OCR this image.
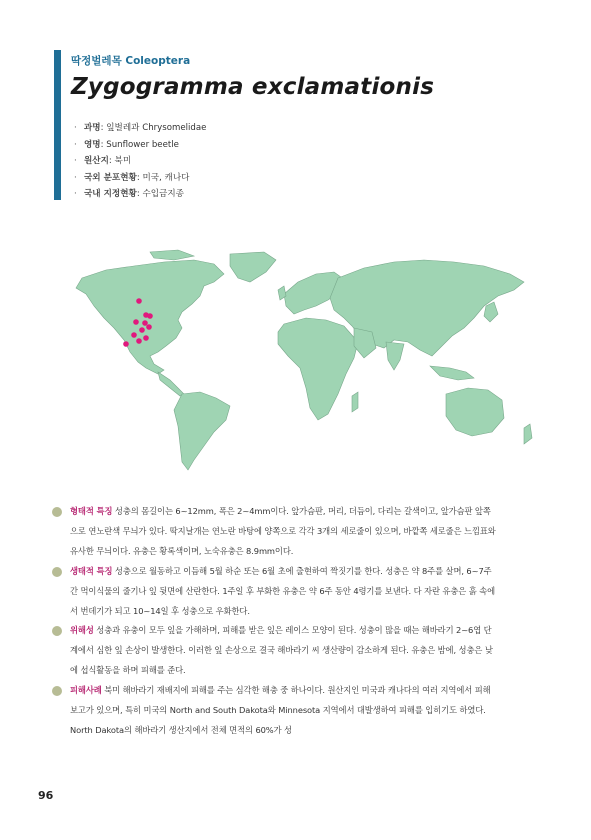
딱정벌레목 Coleoptera
Zygogramma exclamationis
· 과명: 잎벌레과 Chrysomelidae
· 영명: Sunflower beetle
· 원산지: 북미
· 국외 분포현황: 미국, 캐나다
· 국내 지정현황: 수입금지종
형태적 특징 성충의 몸길이는 6~12mm, 폭은 2~4mm이다. 앞가슴판, 머리, 더듬이, 다리는 갈색이고, 앞가슴판 앞쪽으로 연노란색 무늬가 있다. 딱지날개는 연노란 바탕에 양쪽으로 각각 3개의 세로줄이 있으며, 바깥쪽 세로줄은 느낌표와 유사한 무늬이다. 유충은 황록색이며, 노숙유충은 8.9mm이다.
생태적 특징 성충으로 월동하고 이듬해 5월 하순 또는 6월 초에 출현하여 짝짓기를 한다. 성충은 약 8주를 살며, 6~7주간 먹이식물의 줄기나 잎 뒷면에 산란한다. 1주일 후 부화한 유충은 약 6주 동안 4령기를 보낸다. 다 자란 유충은 흙 속에서 번데기가 되고 10~14일 후 성충으로 우화한다.
위해성 성충과 유충이 모두 잎을 가해하며, 피해를 받은 잎은 레이스 모양이 된다. 성충이 많을 때는 해바라기 2~6엽 단계에서 심한 잎 손상이 발생한다. 이러한 잎 손상으로 결국 해바라기 씨 생산량이 감소하게 된다. 유충은 밤에, 성충은 낮에 섭식활동을 하며 피해를 준다.
피해사례 북미 해바라기 재배지에 피해를 주는 심각한 해충 중 하나이다. 원산지인 미국과 캐나다의 여러 지역에서 피해 보고가 있으며, 특히 미국의 North and South Dakota와 Minnesota 지역에서 대발생하여 피해를 입히기도 하였다. North Dakota의 해바라기 생산지에서 전체 면적의 60%가 성
96
